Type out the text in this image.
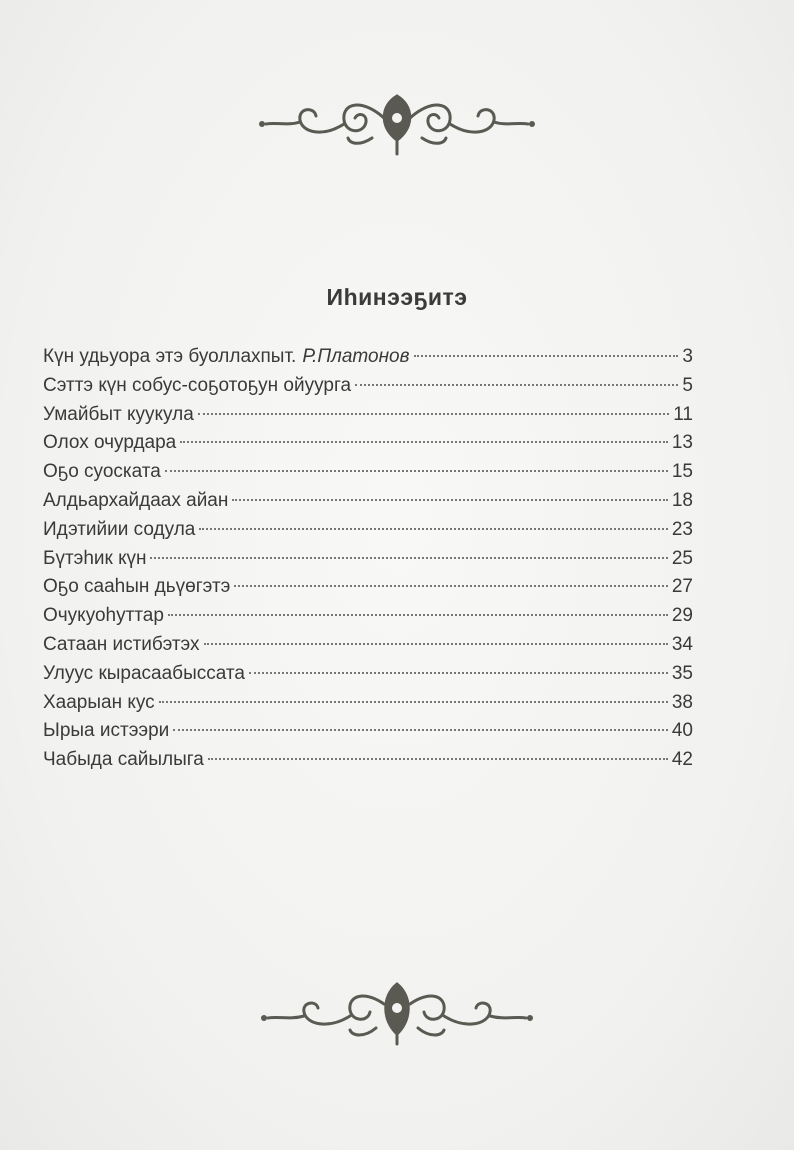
Иһинээҕитэ
Күн удьуора этэ буоллахпыт. Р.Платонов	3
Сэттэ күн собус-соҕотоҕун ойуурга	5
Умайбыт куукула	11
Олох очурдара	13
Оҕо суоската	15
Алдьархайдаах айан	18
Идэтийии содула	23
Бүтэһик күн	25
Оҕо сааһын дьүөгэтэ	27
Очукуоһуттар	29
Сатаан истибэтэх	34
Улуус кырасаабыссата	35
Хаарыан кус	38
Ырыа истээри	40
Чабыда сайылыга	42
